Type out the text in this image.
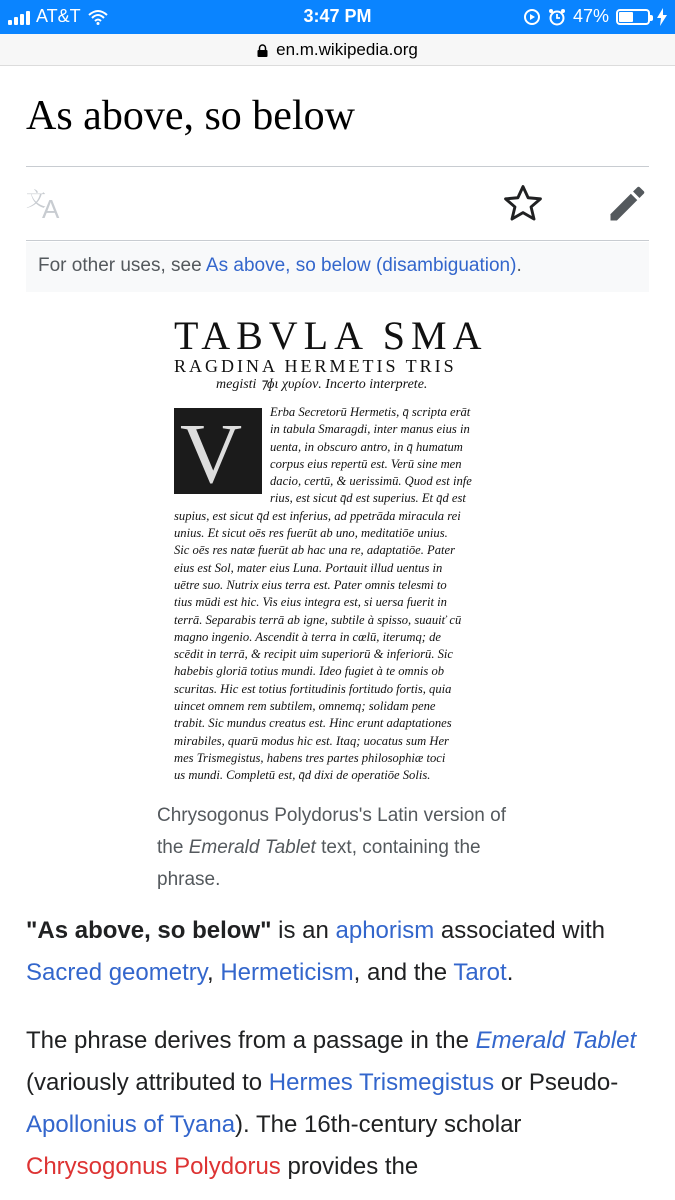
AT&T	3:47 PM	47%
en.m.wikipedia.org
As above, so below
文
A
For other uses, see As above, so below (disambiguation).
TABVLA SMA
RAGDINA HERMETIS TRIS
megisti ⁊ɸι χυρίον. Incerto interprete.
V	Erba Secretorū Hermetis, q̄ scripta erāt
in tabula Smaragdi, inter manus eius in
uenta, in obscuro antro, in q̄ humatum
corpus eius repertū est. Verū sine men
dacio, certū, & uerissimū. Quod est infe
rius, est sicut q̄d est superius. Et q̄d est
supius, est sicut q̄d est inferius, ad ppetrāda miracula rei
unius. Et sicut oēs res fuerūt ab uno, meditatiōe unius.
Sic oēs res natæ fuerūt ab hac una re, adaptatiōe. Pater
eius est Sol, mater eius Luna. Portauit illud uentus in
uētre suo. Nutrix eius terra est. Pater omnis telesmi to
tius mūdi est hic. Vis eius integra est, si uersa fuerit in
terrā. Separabis terrā ab igne, subtile à spisso, suauiť cū
magno ingenio. Ascendit à terra in cœlū, iterumq; de
scēdit in terrā, & recipit uim superiorū & inferiorū. Sic
habebis gloriā totius mundi. Ideo fugiet à te omnis ob
scuritas. Hic est totius fortitudinis fortitudo fortis, quia
uincet omnem rem subtilem, omnemq; solidam pene
trabit. Sic mundus creatus est. Hinc erunt adaptationes
mirabiles, quarū modus hic est. Itaq; uocatus sum Her
mes Trismegistus, habens tres partes philosophiæ toci
us mundi. Completū est, q̄d dixi de operatiōe Solis.
Chrysogonus Polydorus's Latin version of the Emerald Tablet text, containing the phrase.

"As above, so below" is an aphorism associated with Sacred geometry, Hermeticism, and the Tarot.

The phrase derives from a passage in the Emerald Tablet (variously attributed to Hermes Trismegistus or Pseudo-Apollonius of Tyana). The 16th-century scholar Chrysogonus Polydorus provides the
